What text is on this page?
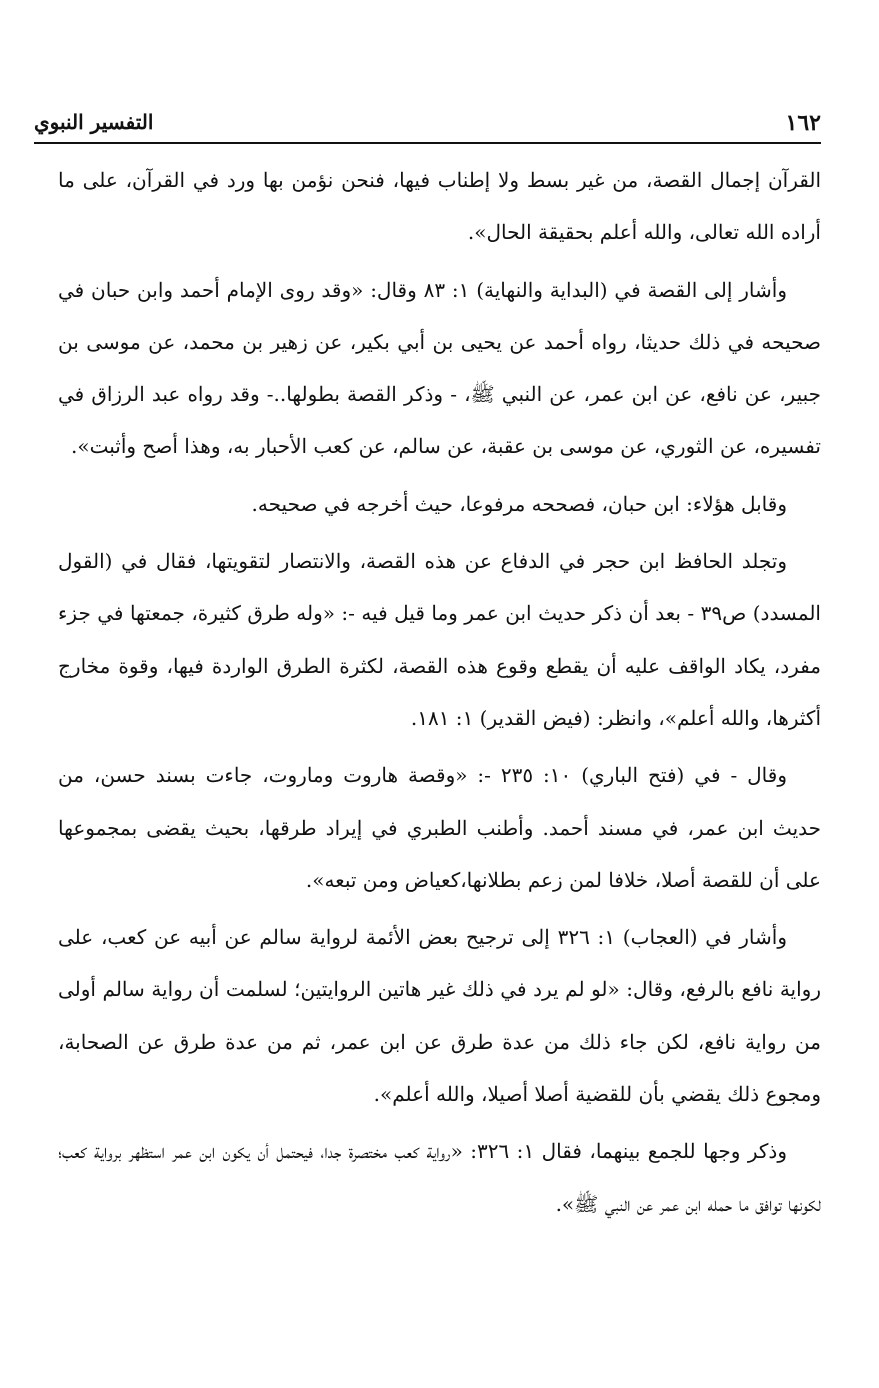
١٦٢
التفسير النبوي

القرآن إجمال القصة، من غير بسط ولا إطناب فيها، فنحن نؤمن بها ورد في القرآن، على ما أراده الله تعالى، والله أعلم بحقيقة الحال».

وأشار إلى القصة في (البداية والنهاية) ١: ٨٣ وقال: «وقد روى الإمام أحمد وابن حبان في صحيحه في ذلك حديثا، رواه أحمد عن يحيى بن أبي بكير، عن زهير بن محمد، عن موسى بن جبير، عن نافع، عن ابن عمر، عن النبي ﷺ، - وذكر القصة بطولها..- وقد رواه عبد الرزاق في تفسيره، عن الثوري، عن موسى بن عقبة، عن سالم، عن كعب الأحبار به، وهذا أصح وأثبت».

وقابل هؤلاء: ابن حبان، فصححه مرفوعا، حيث أخرجه في صحيحه.

وتجلد الحافظ ابن حجر في الدفاع عن هذه القصة، والانتصار لتقويتها، فقال في (القول المسدد) ص٣٩ - بعد أن ذكر حديث ابن عمر وما قيل فيه -: «وله طرق كثيرة، جمعتها في جزء مفرد، يكاد الواقف عليه أن يقطع وقوع هذه القصة، لكثرة الطرق الواردة فيها، وقوة مخارج أكثرها، والله أعلم»، وانظر: (فيض القدير) ١: ١٨١.

وقال - في (فتح الباري) ١٠: ٢٣٥ -: «وقصة هاروت وماروت، جاءت بسند حسن، من حديث ابن عمر، في مسند أحمد. وأطنب الطبري في إيراد طرقها، بحيث يقضى بمجموعها على أن للقصة أصلا، خلافا لمن زعم بطلانها،كعياض ومن تبعه».

وأشار في (العجاب) ١: ٣٢٦ إلى ترجيح بعض الأئمة لرواية سالم عن أبيه عن كعب، على رواية نافع بالرفع، وقال: «لو لم يرد في ذلك غير هاتين الروايتين؛ لسلمت أن رواية سالم أولى من رواية نافع، لكن جاء ذلك من عدة طرق عن ابن عمر، ثم من عدة طرق عن الصحابة، ومجوع ذلك يقضي بأن للقضية أصلا أصيلا، والله أعلم».

وذكر وجها للجمع بينهما، فقال ١: ٣٢٦: «رواية كعب مختصرة جدا، فيحتمل أن يكون ابن عمر استظهر برواية كعب؛ لكونها توافق ما حمله ابن عمر عن النبي ﷺ».
